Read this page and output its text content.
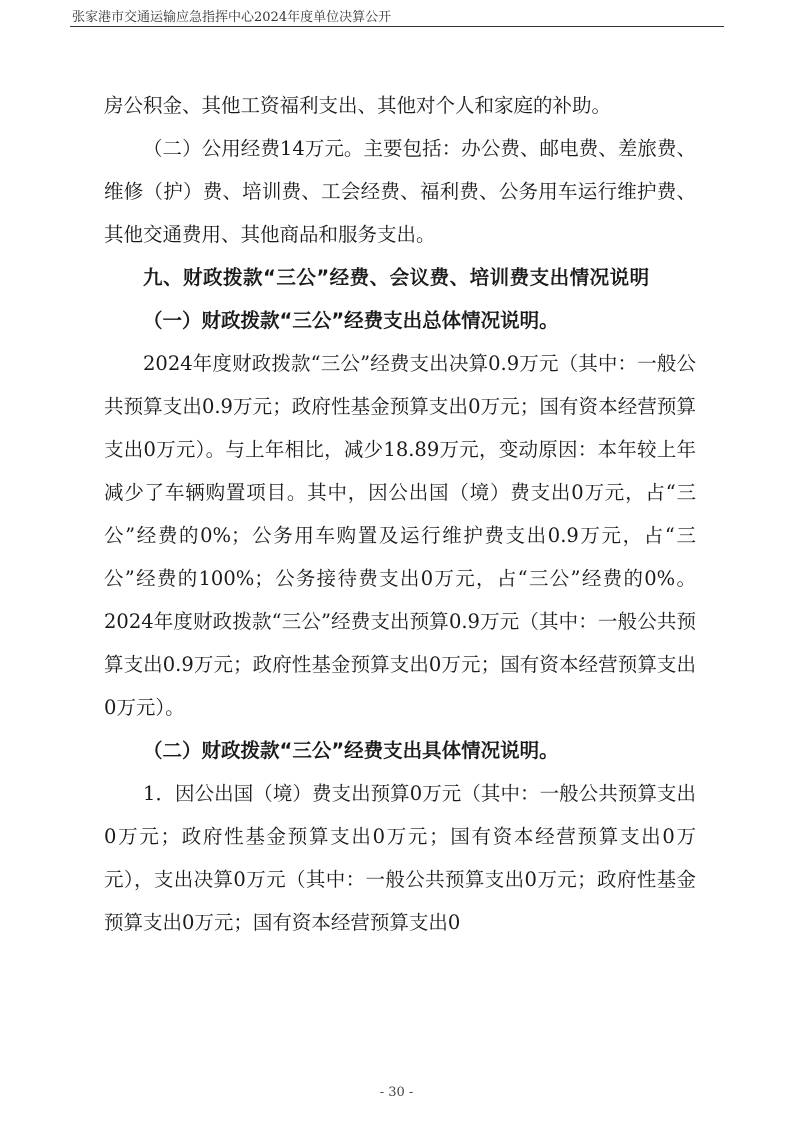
张家港市交通运输应急指挥中心2024年度单位决算公开

房公积金、其他工资福利支出、其他对个人和家庭的补助。

（二）公用经费14万元。主要包括：办公费、邮电费、差旅费、维修（护）费、培训费、工会经费、福利费、公务用车运行维护费、其他交通费用、其他商品和服务支出。

九、财政拨款“三公”经费、会议费、培训费支出情况说明

（一）财政拨款“三公”经费支出总体情况说明。

2024年度财政拨款“三公”经费支出决算0.9万元（其中：一般公共预算支出0.9万元；政府性基金预算支出0万元；国有资本经营预算支出0万元）。与上年相比，减少18.89万元，变动原因：本年较上年减少了车辆购置项目。其中，因公出国（境）费支出0万元，占“三公”经费的0%；公务用车购置及运行维护费支出0.9万元，占“三公”经费的100%；公务接待费支出0万元，占“三公”经费的0%。2024年度财政拨款“三公”经费支出预算0.9万元（其中：一般公共预算支出0.9万元；政府性基金预算支出0万元；国有资本经营预算支出0万元）。

（二）财政拨款“三公”经费支出具体情况说明。

1．因公出国（境）费支出预算0万元（其中：一般公共预算支出0万元；政府性基金预算支出0万元；国有资本经营预算支出0万元），支出决算0万元（其中：一般公共预算支出0万元；政府性基金预算支出0万元；国有资本经营预算支出0

- 30 -
